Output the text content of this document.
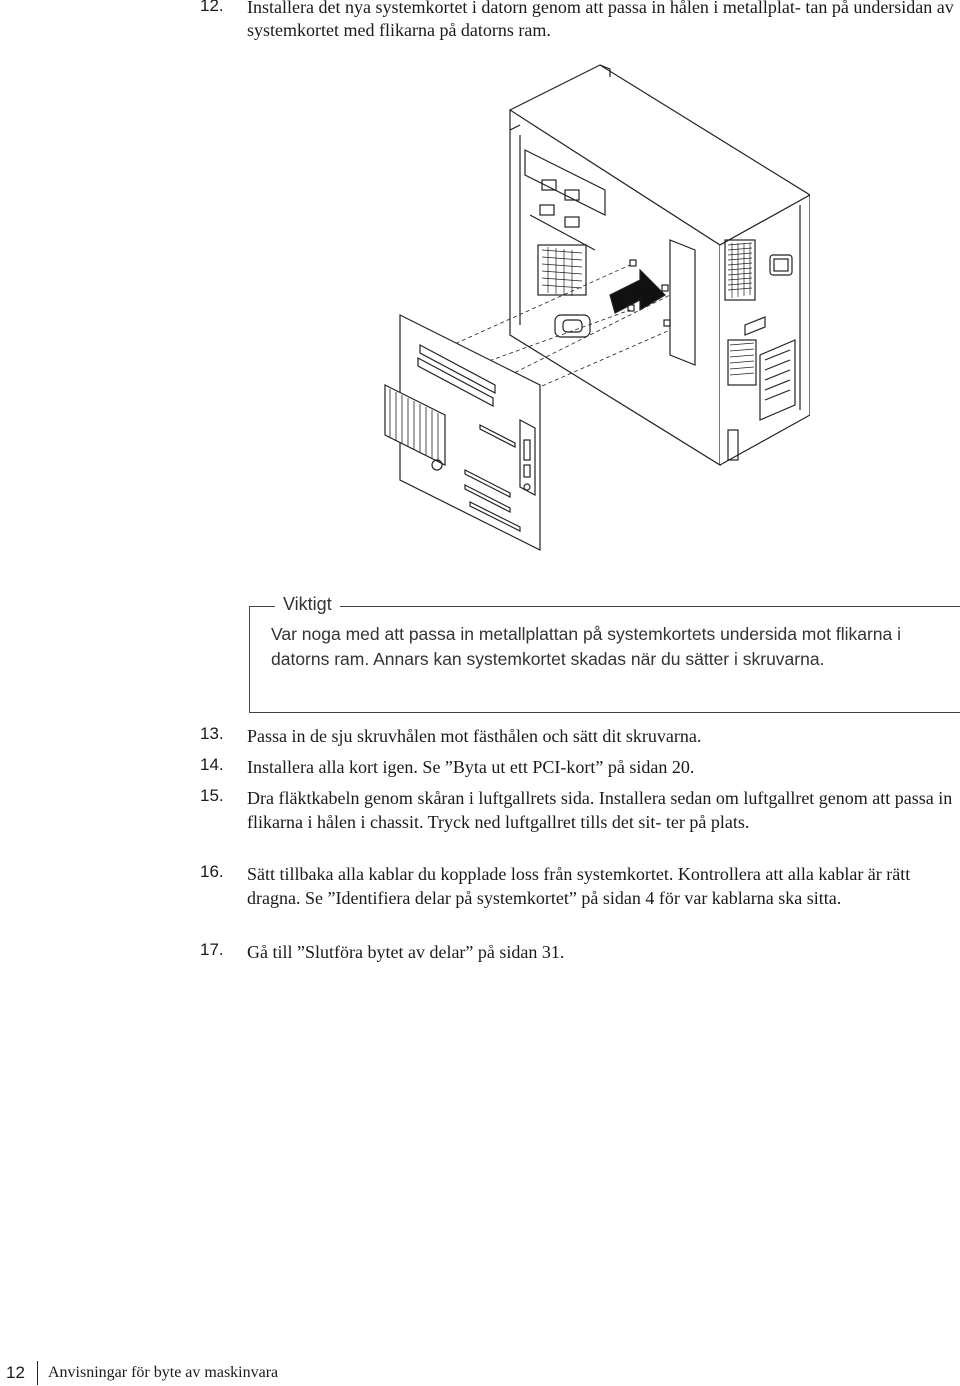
12.	Installera det nya systemkortet i datorn genom att passa in hålen i metallplat- tan på undersidan av systemkortet med flikarna på datorns ram.
Viktigt
Var noga med att passa in metallplattan på systemkortets undersida mot flikarna i datorns ram. Annars kan systemkortet skadas när du sätter i skruvarna.
13.	Passa in de sju skruvhålen mot fästhålen och sätt dit skruvarna.
14.	Installera alla kort igen. Se ”Byta ut ett PCI-kort” på sidan 20.
15.	Dra fläktkabeln genom skåran i luftgallrets sida. Installera sedan om luftgallret genom att passa in flikarna i hålen i chassit. Tryck ned luftgallret tills det sit- ter på plats.
16.	Sätt tillbaka alla kablar du kopplade loss från systemkortet. Kontrollera att alla kablar är rätt dragna. Se ”Identifiera delar på systemkortet” på sidan 4 för var kablarna ska sitta.
17.	Gå till ”Slutföra bytet av delar” på sidan 31.
12 Anvisningar för byte av maskinvara
